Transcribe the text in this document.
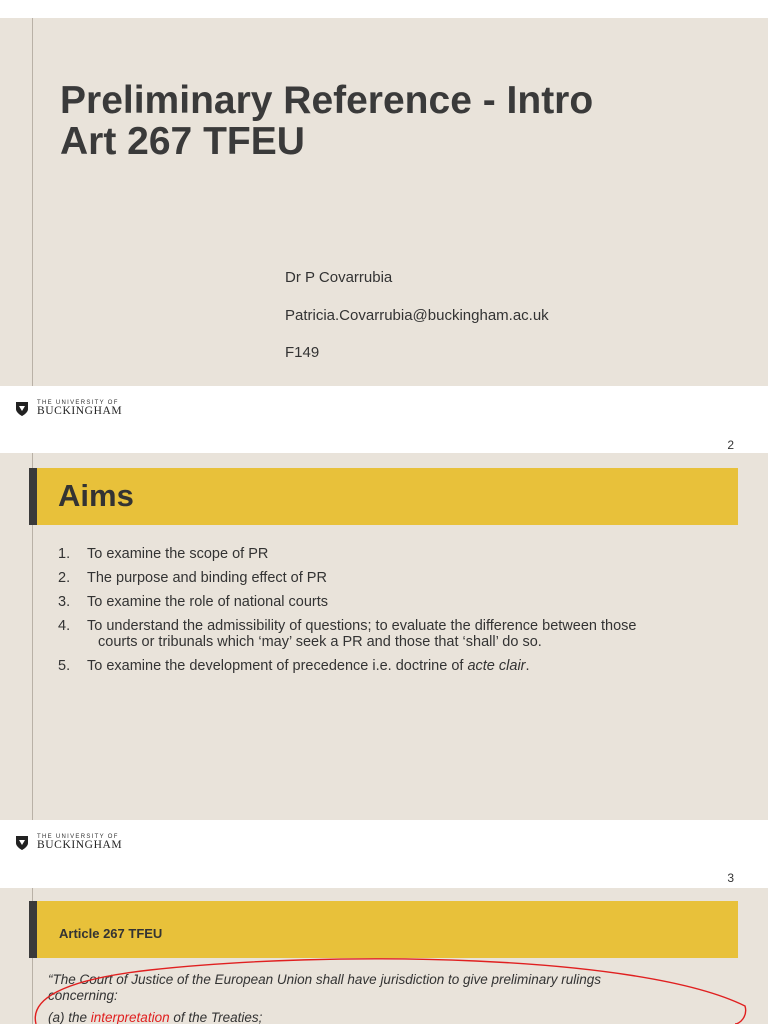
Preliminary Reference - Intro
Art 267 TFEU
Dr P Covarrubia
Patricia.Covarrubia@buckingham.ac.uk
F149
THE UNIVERSITY OF
BUCKINGHAM
2
Aims
1.	To examine the scope of PR
2.	The purpose and binding effect of PR
3.	To examine the role of national courts
4.	To understand the admissibility of questions; to evaluate the difference between those
courts or tribunals which ‘may’ seek a PR and those that ‘shall’ do so.
5.	To examine the development of precedence i.e. doctrine of acte clair.
THE UNIVERSITY OF
BUCKINGHAM
3
Article 267 TFEU
“The Court of Justice of the European Union shall have jurisdiction to give preliminary rulings
concerning:
(a) the interpretation of the Treaties;
